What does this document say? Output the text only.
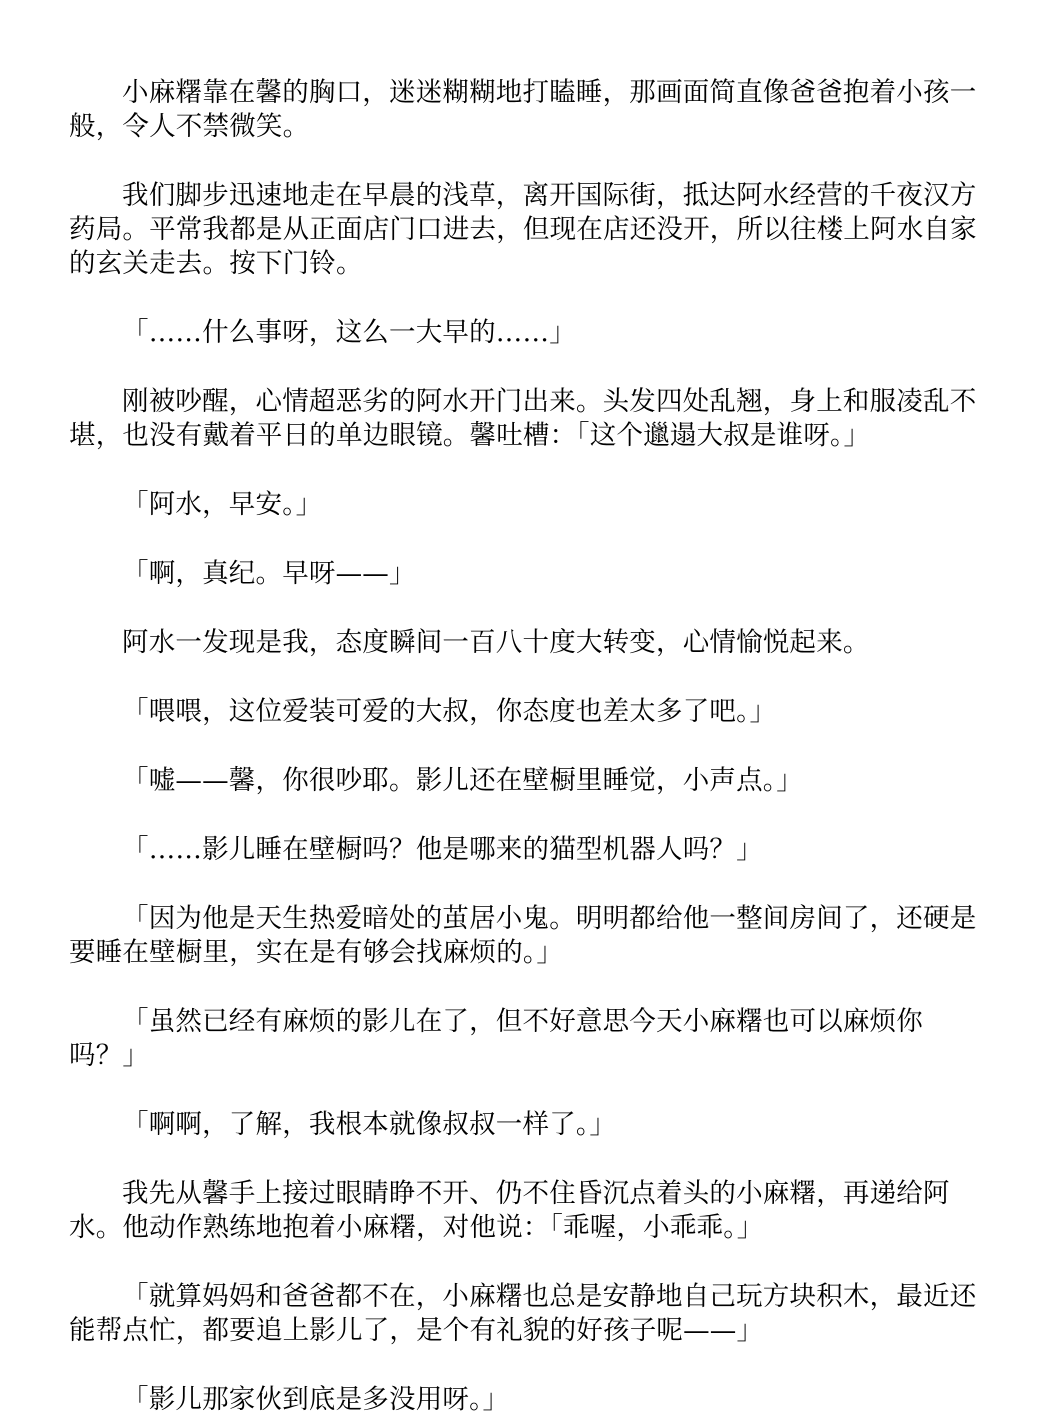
小麻糬靠在馨的胸口，迷迷糊糊地打瞌睡，那画面简直像爸爸抱着小孩一般，令人不禁微笑。

我们脚步迅速地走在早晨的浅草，离开国际街，抵达阿水经营的千夜汉方药局。平常我都是从正面店门口进去，但现在店还没开，所以往楼上阿水自家的玄关走去。按下门铃。

「……什么事呀，这么一大早的……」

刚被吵醒，心情超恶劣的阿水开门出来。头发四处乱翘，身上和服凌乱不堪，也没有戴着平日的单边眼镜。馨吐槽：「这个邋遢大叔是谁呀。」

「阿水，早安。」

「啊，真纪。早呀——」

阿水一发现是我，态度瞬间一百八十度大转变，心情愉悦起来。

「喂喂，这位爱装可爱的大叔，你态度也差太多了吧。」

「嘘——馨，你很吵耶。影儿还在壁橱里睡觉，小声点。」

「……影儿睡在壁橱吗？他是哪来的猫型机器人吗？」

「因为他是天生热爱暗处的茧居小鬼。明明都给他一整间房间了，还硬是要睡在壁橱里，实在是有够会找麻烦的。」

「虽然已经有麻烦的影儿在了，但不好意思今天小麻糬也可以麻烦你吗？」

「啊啊，了解，我根本就像叔叔一样了。」

我先从馨手上接过眼睛睁不开、仍不住昏沉点着头的小麻糬，再递给阿水。他动作熟练地抱着小麻糬，对他说：「乖喔，小乖乖。」

「就算妈妈和爸爸都不在，小麻糬也总是安静地自己玩方块积木，最近还能帮点忙，都要追上影儿了，是个有礼貌的好孩子呢——」

「影儿那家伙到底是多没用呀。」
